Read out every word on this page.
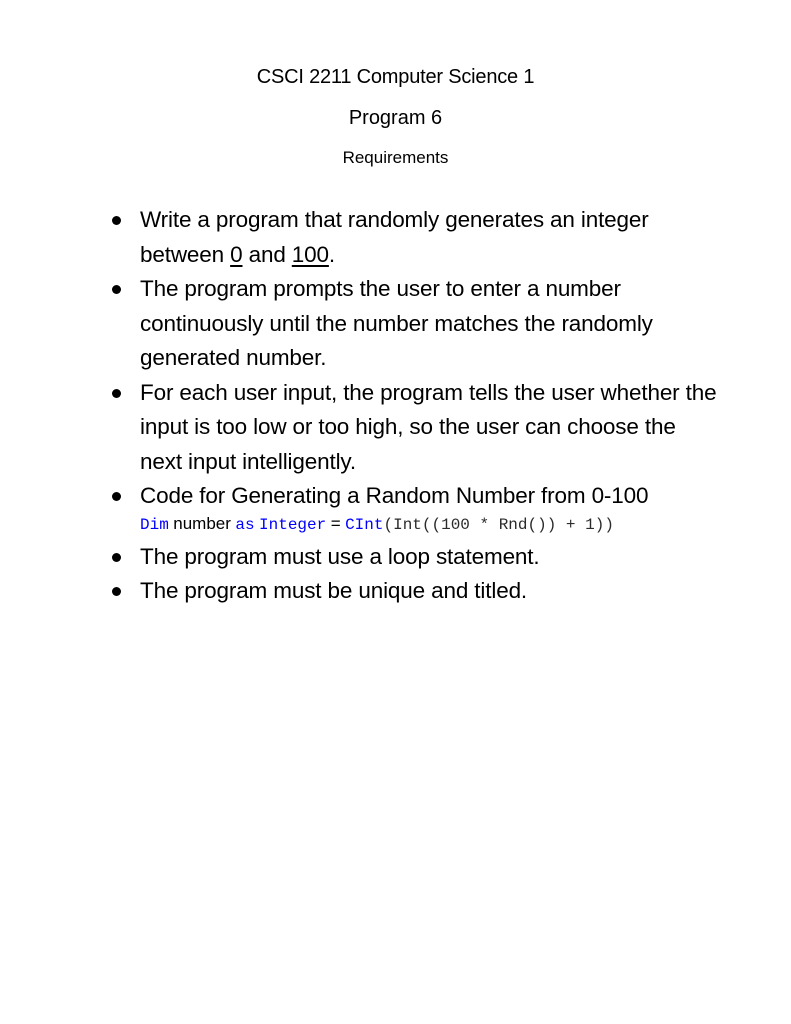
CSCI 2211 Computer Science 1
Program 6
Requirements
Write a program that randomly generates an integer between 0 and 100.
The program prompts the user to enter a number continuously until the number matches the randomly generated number.
For each user input, the program tells the user whether the input is too low or too high, so the user can choose the next input intelligently.
Code for Generating a Random Number from 0-100
Dim number as Integer = CInt(Int((100 * Rnd()) + 1))
The program must use a loop statement.
The program must be unique and titled.
